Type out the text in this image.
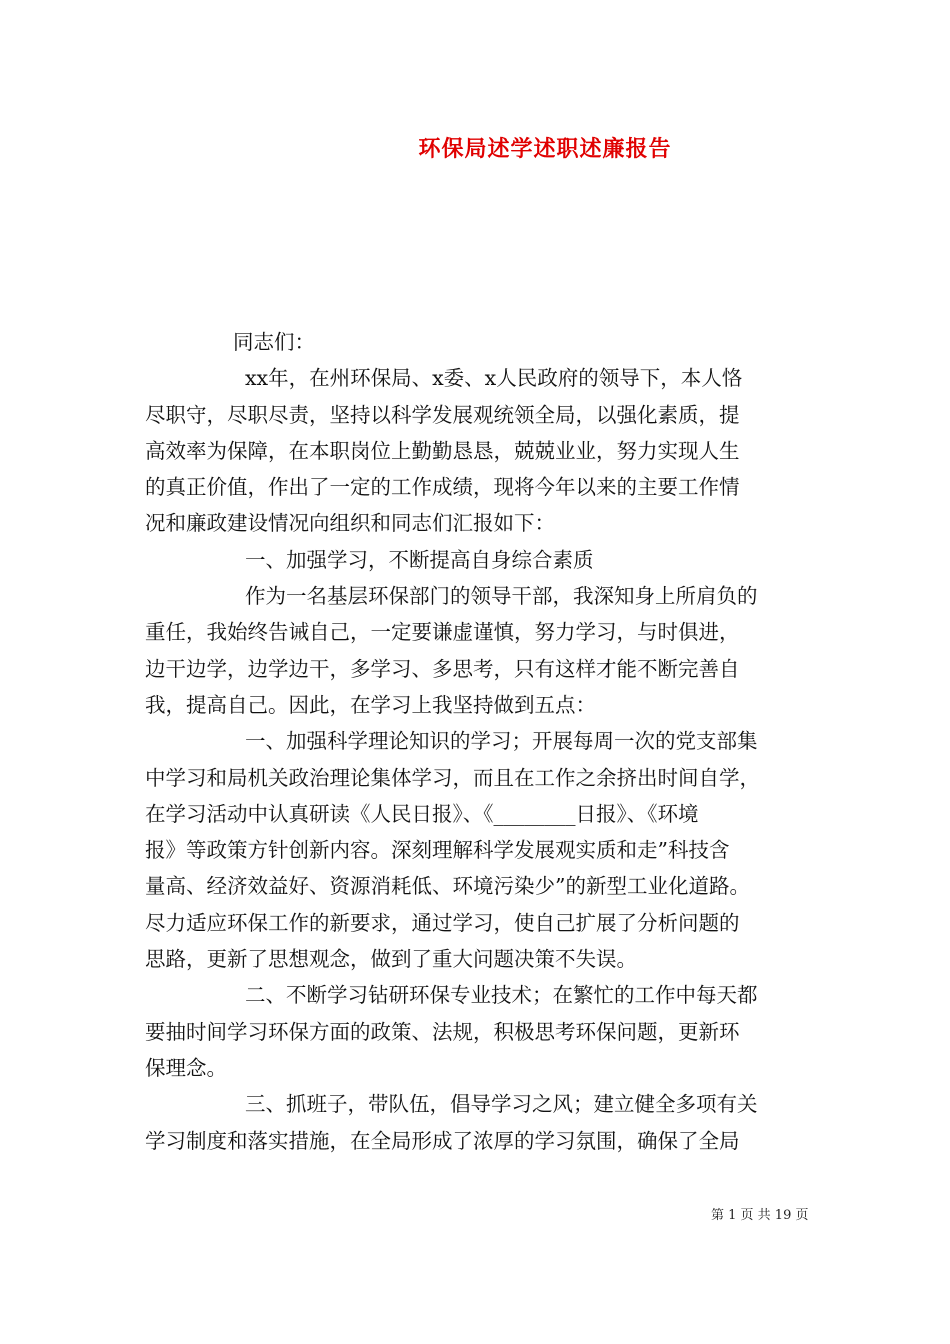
环保局述学述职述廉报告

同志们：

xx年，在州环保局、x委、x人民政府的领导下，本人恪

尽职守，尽职尽责，坚持以科学发展观统领全局，以强化素质，提

高效率为保障，在本职岗位上勤勤恳恳，兢兢业业，努力实现人生

的真正价值，作出了一定的工作成绩，现将今年以来的主要工作情

况和廉政建设情况向组织和同志们汇报如下：

一、加强学习，不断提高自身综合素质

作为一名基层环保部门的领导干部，我深知身上所肩负的

重任，我始终告诫自己，一定要谦虚谨慎，努力学习，与时俱进，

边干边学，边学边干，多学习、多思考，只有这样才能不断完善自

我，提高自己。因此，在学习上我坚持做到五点：

一、加强科学理论知识的学习；开展每周一次的党支部集

中学习和局机关政治理论集体学习，而且在工作之余挤出时间自学，

在学习活动中认真研读《人民日报》、《________日报》、《环境

报》等政策方针创新内容。深刻理解科学发展观实质和走”科技含

量高、经济效益好、资源消耗低、环境污染少”的新型工业化道路。

尽力适应环保工作的新要求，通过学习，使自己扩展了分析问题的

思路，更新了思想观念，做到了重大问题决策不失误。

二、不断学习钻研环保专业技术；在繁忙的工作中每天都

要抽时间学习环保方面的政策、法规，积极思考环保问题，更新环

保理念。

三、抓班子，带队伍，倡导学习之风；建立健全多项有关

学习制度和落实措施，在全局形成了浓厚的学习氛围，确保了全局

第 1 页 共 19 页
